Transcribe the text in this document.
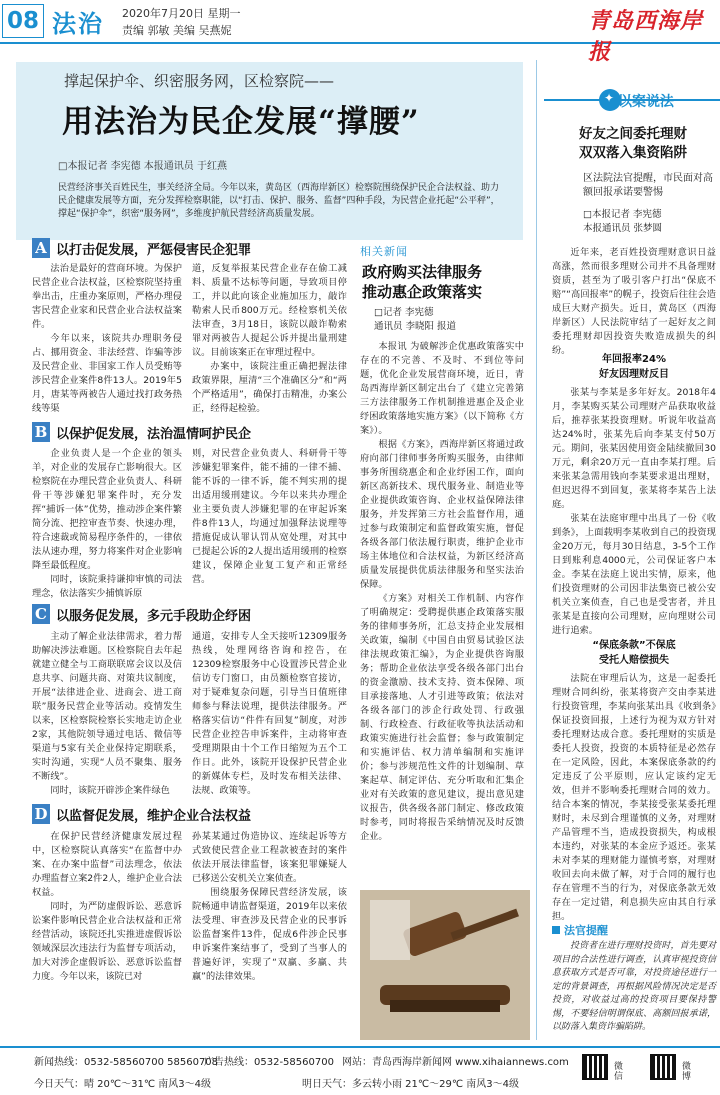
08 法治 2020年7月20日 星期一
责编 郭敏 美编 吴燕妮	青岛西海岸报
撑起保护伞、织密服务网，区检察院——
用法治为民企发展“撑腰”
□本报记者 李宪德 本报通讯员 于红燕
民营经济事关百姓民生，事关经济全局。今年以来，黄岛区（西海岸新区）检察院围绕保护民企合法权益、助力民企健康发展等方面，充分发挥检察职能，以“打击、保护、服务、监督”四种手段，为民营企业托起“公平秤”，撑起“保护伞”，织密“服务网”，多维度护航民营经济高质量发展。
A 以打击促发展，严惩侵害民企犯罪

法治是最好的营商环境。为保护民营企业合法权益，区检察院坚持重拳出击，庄重办案原则，严格办理侵害民营企业家和民营企业合法权益案件。

今年以来，该院共办理职务侵占、挪用资金、非法经营、诈骗等涉及民营企业、非国家工作人员受贿等涉民营企业案件8件13人。2019年5月，唐某等两被告人通过找打政务热线等渠

道，反复举报某民营企业存在偷工减料、质量不达标等问题，导致项目停工，并以此向该企业施加压力，敲诈勒索人民币800万元。经检察机关依法审查，3月18日，该院以敲诈勒索罪对两被告人提起公诉并提出量刑建议。目前该案正在审理过程中。

办案中，该院注重正确把握法律政策界限，厘清“三个准确区分”和“两个严格适用”，确保打击精准，办案公正，经得起检验。

B 以保护促发展，法治温情呵护民企

企业负责人是一个企业的领头羊，对企业的发展存亡影响很大。区检察院在办理民营企业负责人、科研骨干等涉嫌犯罪案件时，充分发挥“捕诉一体”优势，推动涉企案件繁简分流、把控审查节奏、快速办理，符合速裁或简易程序条件的，一律依法从速办理，努力将案件对企业影响降至最低程度。

同时，该院秉持谦抑审慎的司法理念，依法落实少捕慎诉原

则，对民营企业负责人、科研骨干等涉嫌犯罪案件，能不捕的一律不捕、能不诉的一律不诉，能不判实刑的提出适用缓刑建议。今年以来共办理企业主要负责人涉嫌犯罪的在审起诉案件8件13人，均通过加强释法说理等措施促成认罪认罚从宽处理，对其中已提起公诉的2人提出适用缓刑的检察建议，保障企业复工复产和正常经营。

C 以服务促发展，多元手段助企纾困

主动了解企业法律需求，着力帮助解决涉法难题。区检察院自去年起就建立健全与工商联联席会议以及信息共享、问题共商、对策共议制度，开展“法律进企业、进商会、进工商联”服务民营企业等活动。疫情发生以来，区检察院检察长实地走访企业2家，其他院领导通过电话、微信等渠道与5家有关企业保持定期联系，实时沟通，实现“人员不聚集、服务不断线”。

同时，该院开辟涉企案件绿色

通道，安排专人全天接听12309服务热线，处理网络咨询和控告，在12309检察服务中心设置涉民营企业信访专门窗口，由员额检察官接访，对于疑难复杂问题，引导当日值班律师参与释法说理，提供法律服务。严格落实信访“件件有回复”制度，对涉民营企业控告申诉案件，主动将审查受理期限由十个工作日缩短为五个工作日。此外，该院开设保护民营企业的新媒体专栏，及时发布相关法律、法规、政策等。

D 以监督促发展，维护企业合法权益

在保护民营经济健康发展过程中，区检察院认真落实“在监督中办案、在办案中监督”司法理念，依法办理监督立案2件2人，维护企业合法权益。

同时，为严防虚假诉讼、恶意诉讼案件影响民营企业合法权益和正常经营活动，该院还扎实推进虚假诉讼领域深层次违法行为监督专项活动，加大对涉企虚假诉讼、恶意诉讼监督力度。今年以来，该院已对

孙某某通过伪造协议、连续起诉等方式致使民营企业工程款被查封的案件依法开展法律监督，该案犯罪嫌疑人已移送公安机关立案侦查。

围绕服务保障民营经济发展，该院畅通申请监督渠道，2019年以来依法受理、审查涉及民营企业的民事诉讼监督案件13件，促成6件涉企民事申诉案件案结事了，受到了当事人的普遍好评，实现了“双赢、多赢、共赢”的法律效果。

相关新闻
政府购买法律服务推动惠企政策落实
□记者 李宪德
通讯员 李晓阳 报道

本报讯 为破解涉企优惠政策落实中存在的不完善、不及时、不到位等问题，优化企业发展营商环境，近日，青岛西海岸新区制定出台了《建立完善第三方法律服务工作机制推进惠企及企业纾困政策落地实施方案》（以下简称《方案》）。

根据《方案》，西海岸新区将通过政府向部门律师事务所购买服务，由律师事务所围绕惠企和企业纾困工作，面向新区高新技术、现代服务业、制造业等企业提供政策咨询、企业权益保障法律服务，并发挥第三方社会监督作用，通过参与政策制定和监督政策实施，督促各级各部门依法履行职责，维护企业市场主体地位和合法权益，为新区经济高质量发展提供优质法律服务和坚实法治保障。

《方案》对相关工作机制、内容作了明确规定：受聘提供惠企政策落实服务的律师事务所，汇总支持企业发展相关政策，编制《中国自由贸易试验区法律法规政策汇编》，为企业提供咨询服务；帮助企业依法享受各级各部门出台的资金激励、技术支持、资本保障、项目承接落地、人才引进等政策；依法对各级各部门的涉企行政处罚、行政强制、行政检查、行政征收等执法活动和政策实施进行社会监督；参与政策制定和实施评估、权力清单编制和实施评价；参与涉规范性文件的计划编制、草案起草、制定评估、充分听取和汇集企业对有关政策的意见建议，提出意见建议报告，供各级各部门制定、修改政策时参考，同时将报告采纳情况及时反馈企业。

✦ 以案说法
好友之间委托理财
双双落入集资陷阱
区法院法官提醒，市民面对高额回报承诺要警惕
□本报记者 李宪德
本报通讯员 张梦圆

近年来，老百姓投资理财意识日益高涨，然而很多理财公司并不具备理财资质，甚至为了吸引客户打出“保底不赔”“高回报率”的幌子，投资后往往会造成巨大财产损失。近日，黄岛区（西海岸新区）人民法院审结了一起好友之间委托理财却因投资失败造成损失的纠纷。

年回报率24%
好友因理财反目

张某与李某是多年好友。2018年4月，李某购买某公司理财产品获取收益后，推荐张某投资理财。听说年收益高达24%时，张某先后向李某支付50万元。期间，张某因使用资金陆续撤回30万元，剩余20万元一直由李某打理。后来张某急需用钱向李某要求退出理财，但迟迟得不到回复，张某将李某告上法庭。

张某在法庭审理中出具了一份《收到条》，上面载明李某收到自己的投资现金20万元，每月30日结息，3-5个工作日到账利息4000元，公司保证客户本金。李某在法庭上说出实情，原来，他们投资理财的公司因非法集资已被公安机关立案侦查，自己也是受害者，并且张某是直接向公司理财，应向理财公司进行追索。

“保底条款”不保底
受托人赔偿损失

法院在审理后认为，这是一起委托理财合同纠纷，张某将资产交由李某进行投资管理，李某向张某出具《收到条》保证投资回报，上述行为视为双方针对委托理财达成合意。委托理财的实质是委托人投资，投资的本质特征是必然存在一定风险，因此，本案保底条款的约定违反了公平原则，应认定该约定无效，但并不影响委托理财合同的效力。结合本案的情况，李某接受张某委托理财时，未尽到合理谨慎的义务，对理财产品管理不当，造成投资损失，构成根本违约，对张某的本金应予返还。张某未对李某的理财能力谨慎考察，对理财收回去向未做了解，对于合同的履行也存在管理不当的行为，对保底条款无效存在一定过错，利息损失应由其自行承担。

法官提醒

投资者在进行理财投资时，首先要对项目的合法性进行调查，认真审视投资信息获取方式是否可靠，对投资途径进行一定的背景调查，再根据风险情况决定是否投资，对收益过高的投资项目要保持警惕，不要轻信明谓保底、高额回报承诺，以防落入集资诈骗陷阱。

新闻热线：0532-58560700 58560708
广告热线：0532-58560700 网站：青岛西海岸新闻网 www.xihaiannews.com
今日天气：晴 20℃～31℃ 南风3～4级	明日天气：多云转小雨 21℃～29℃ 南风3～4级
微信
微博
